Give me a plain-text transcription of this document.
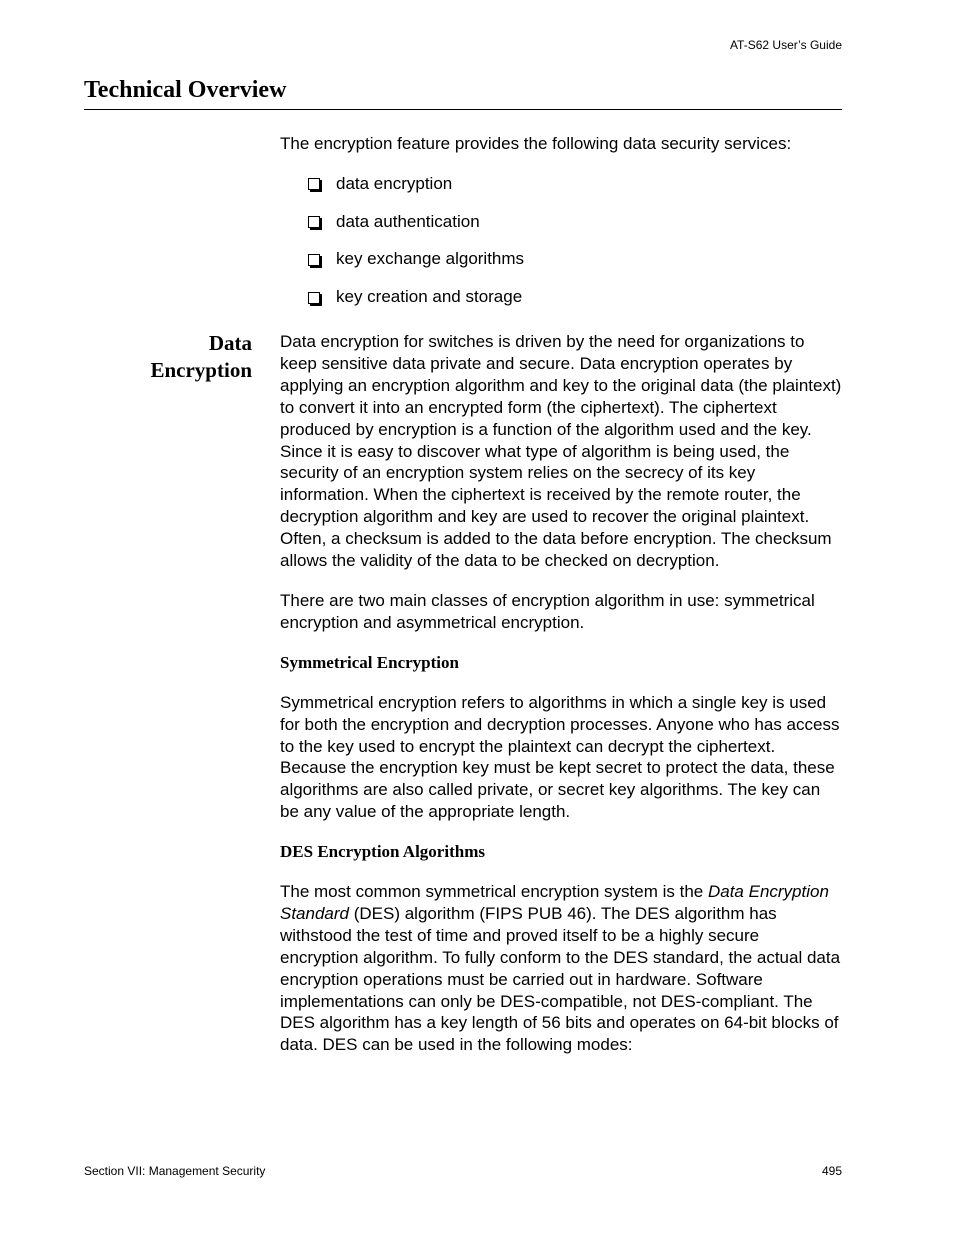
AT-S62 User’s Guide
Technical Overview

The encryption feature provides the following data security services:

data encryption
data authentication
key exchange algorithms
key creation and storage
Data
Encryption

Data encryption for switches is driven by the need for organizations to keep sensitive data private and secure. Data encryption operates by applying an encryption algorithm and key to the original data (the plaintext) to convert it into an encrypted form (the ciphertext). The ciphertext produced by encryption is a function of the algorithm used and the key. Since it is easy to discover what type of algorithm is being used, the security of an encryption system relies on the secrecy of its key information. When the ciphertext is received by the remote router, the decryption algorithm and key are used to recover the original plaintext. Often, a checksum is added to the data before encryption. The checksum allows the validity of the data to be checked on decryption.

There are two main classes of encryption algorithm in use: symmetrical encryption and asymmetrical encryption.

Symmetrical Encryption

Symmetrical encryption refers to algorithms in which a single key is used for both the encryption and decryption processes. Anyone who has access to the key used to encrypt the plaintext can decrypt the ciphertext. Because the encryption key must be kept secret to protect the data, these algorithms are also called private, or secret key algorithms. The key can be any value of the appropriate length.

DES Encryption Algorithms

The most common symmetrical encryption system is the Data Encryption Standard (DES) algorithm (FIPS PUB 46). The DES algorithm has withstood the test of time and proved itself to be a highly secure encryption algorithm. To fully conform to the DES standard, the actual data encryption operations must be carried out in hardware. Software implementations can only be DES-compatible, not DES-compliant. The DES algorithm has a key length of 56 bits and operates on 64-bit blocks of data. DES can be used in the following modes:

Section VII: Management Security	495
